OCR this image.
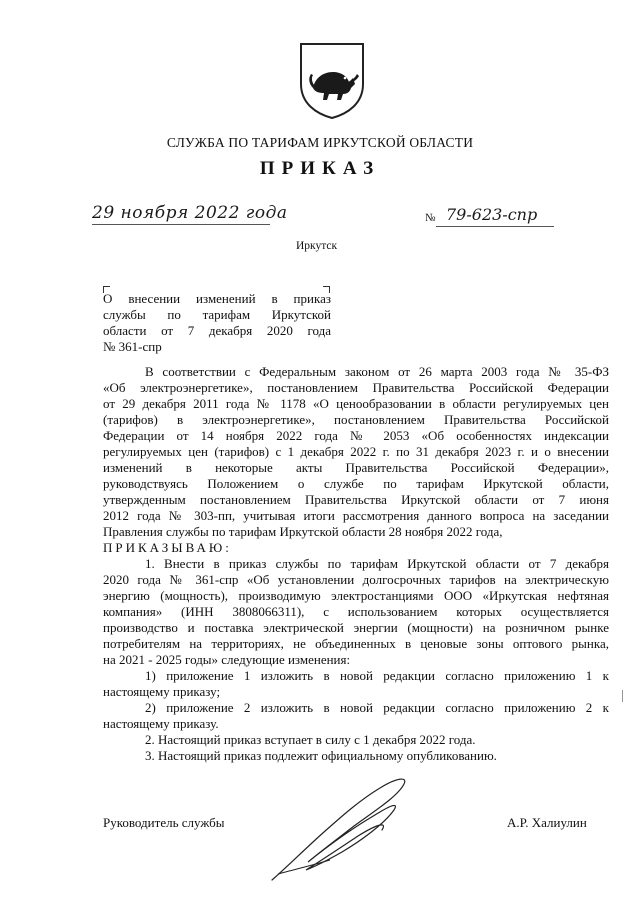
СЛУЖБА ПО ТАРИФАМ ИРКУТСКОЙ ОБЛАСТИ
ПРИКАЗ
29 ноября 2022 года	№ 79-623-спр
Иркутск
О внесении изменений в приказ
службы по тарифам Иркутской
области от 7 декабря 2020 года
№ 361-спр
В соответствии с Федеральным законом от 26 марта 2003 года № 35-ФЗ
«Об электроэнергетике», постановлением Правительства Российской Федерации
от 29 декабря 2011 года № 1178 «О ценообразовании в области регулируемых цен
(тарифов) в электроэнергетике», постановлением Правительства Российской
Федерации от 14 ноября 2022 года № 2053 «Об особенностях индексации
регулируемых цен (тарифов) с 1 декабря 2022 г. по 31 декабря 2023 г. и о внесении
изменений в некоторые акты Правительства Российской Федерации»,
руководствуясь Положением о службе по тарифам Иркутской области,
утвержденным постановлением Правительства Иркутской области от 7 июня
2012 года № 303-пп, учитывая итоги рассмотрения данного вопроса на заседании
Правления службы по тарифам Иркутской области 28 ноября 2022 года,
ПРИКАЗЫВАЮ:
1. Внести в приказ службы по тарифам Иркутской области от 7 декабря
2020 года № 361-спр «Об установлении долгосрочных тарифов на электрическую
энергию (мощность), производимую электростанциями ООО «Иркутская нефтяная
компания» (ИНН 3808066311), с использованием которых осуществляется
производство и поставка электрической энергии (мощности) на розничном рынке
потребителям на территориях, не объединенных в ценовые зоны оптового рынка,
на 2021 - 2025 годы» следующие изменения:
1) приложение 1 изложить в новой редакции согласно приложению 1 к
настоящему приказу;
2) приложение 2 изложить в новой редакции согласно приложению 2 к
настоящему приказу.
2. Настоящий приказ вступает в силу с 1 декабря 2022 года.
3. Настоящий приказ подлежит официальному опубликованию.
Руководитель службы	А.Р. Халиулин
